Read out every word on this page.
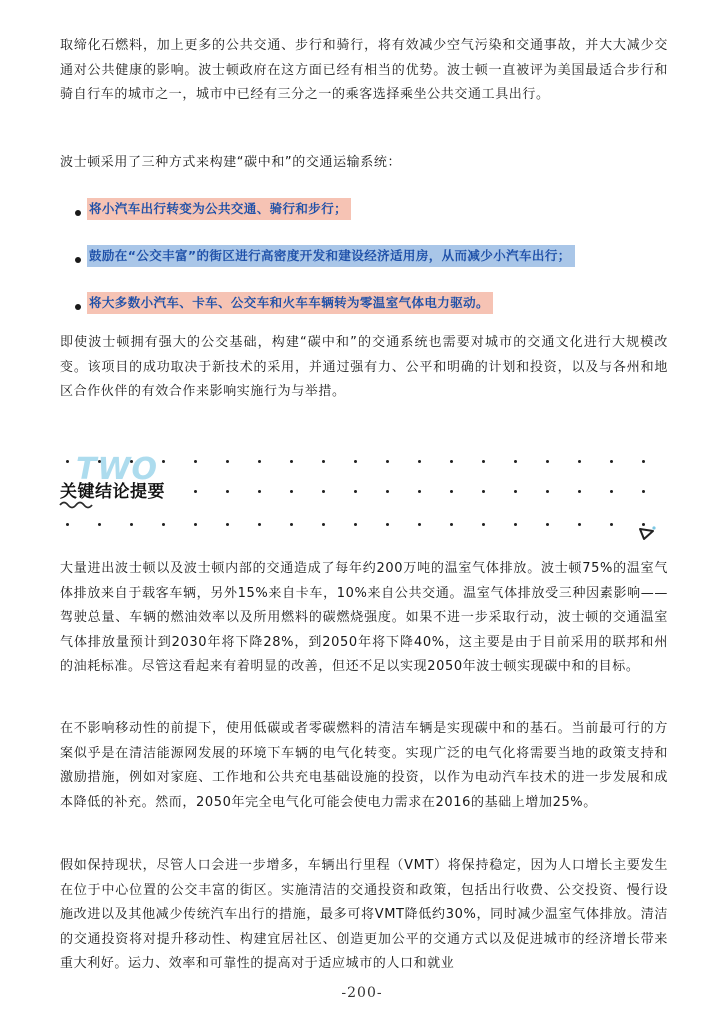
取缔化石燃料，加上更多的公共交通、步行和骑行，将有效减少空气污染和交通事故，并大大减少交通对公共健康的影响。波士顿政府在这方面已经有相当的优势。波士顿一直被评为美国最适合步行和骑自行车的城市之一，城市中已经有三分之一的乘客选择乘坐公共交通工具出行。

波士顿采用了三种方式来构建“碳中和”的交通运输系统：

将小汽车出行转变为公共交通、骑行和步行；
鼓励在“公交丰富”的街区进行高密度开发和建设经济适用房，从而减少小汽车出行；
将大多数小汽车、卡车、公交车和火车车辆转为零温室气体电力驱动。

即使波士顿拥有强大的公交基础，构建“碳中和”的交通系统也需要对城市的交通文化进行大规模改变。该项目的成功取决于新技术的采用，并通过强有力、公平和明确的计划和投资，以及与各州和地区合作伙伴的有效合作来影响实施行为与举措。

TWO
关键结论提要

大量进出波士顿以及波士顿内部的交通造成了每年约200万吨的温室气体排放。波士顿75%的温室气体排放来自于载客车辆，另外15%来自卡车，10%来自公共交通。温室气体排放受三种因素影响——驾驶总量、车辆的燃油效率以及所用燃料的碳燃烧强度。如果不进一步采取行动，波士顿的交通温室气体排放量预计到2030年将下降28%，到2050年将下降40%，这主要是由于目前采用的联邦和州的油耗标准。尽管这看起来有着明显的改善，但还不足以实现2050年波士顿实现碳中和的目标。

在不影响移动性的前提下，使用低碳或者零碳燃料的清洁车辆是实现碳中和的基石。当前最可行的方案似乎是在清洁能源网发展的环境下车辆的电气化转变。实现广泛的电气化将需要当地的政策支持和激励措施，例如对家庭、工作地和公共充电基础设施的投资，以作为电动汽车技术的进一步发展和成本降低的补充。然而，2050年完全电气化可能会使电力需求在2016的基础上增加25%。

假如保持现状，尽管人口会进一步增多，车辆出行里程（VMT）将保持稳定，因为人口增长主要发生在位于中心位置的公交丰富的街区。实施清洁的交通投资和政策，包括出行收费、公交投资、慢行设施改进以及其他减少传统汽车出行的措施，最多可将VMT降低约30%，同时减少温室气体排放。清洁的交通投资将对提升移动性、构建宜居社区、创造更加公平的交通方式以及促进城市的经济增长带来重大利好。运力、效率和可靠性的提高对于适应城市的人口和就业

-200-
